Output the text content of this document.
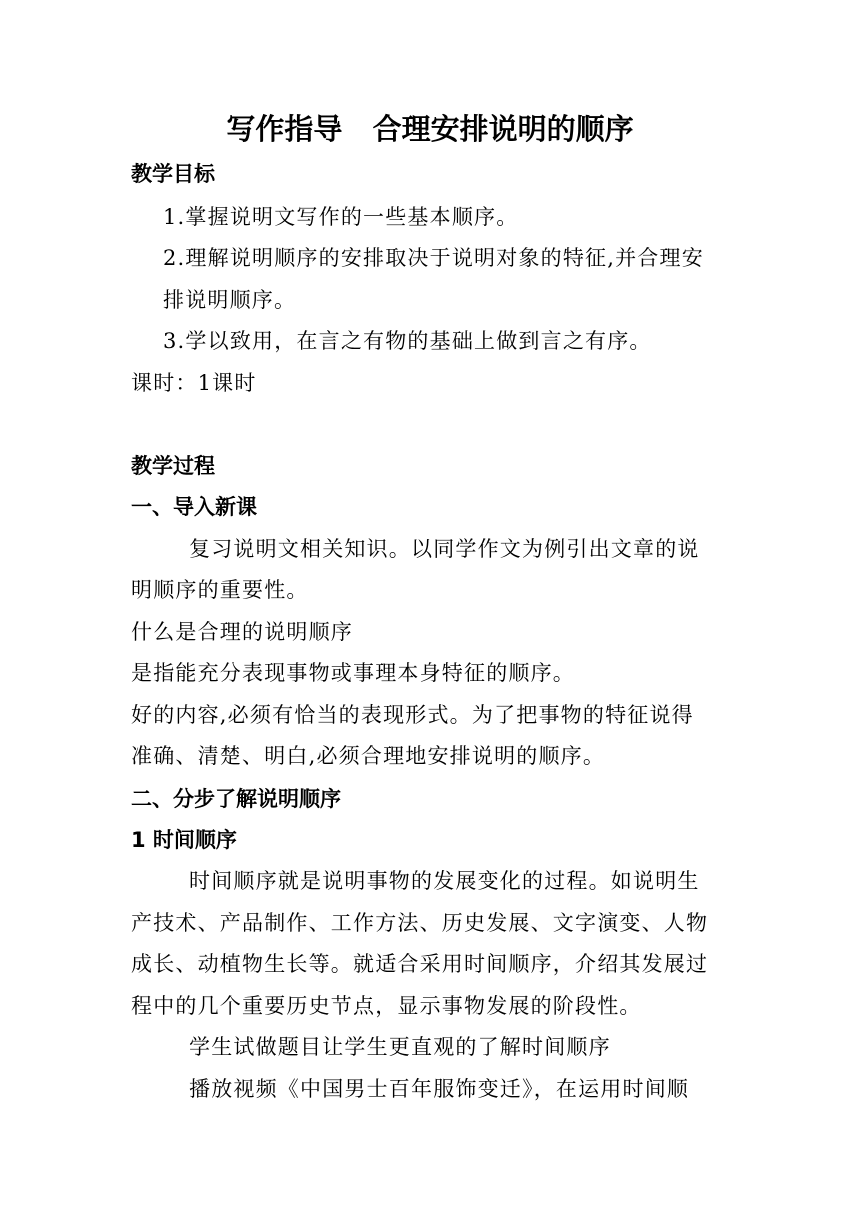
写作指导   合理安排说明的顺序
教学目标
1.掌握说明文写作的一些基本顺序。
2.理解说明顺序的安排取决于说明对象的特征,并合理安
排说明顺序。
3.学以致用，在言之有物的基础上做到言之有序。
课时：1课时
教学过程
一、导入新课
复习说明文相关知识。以同学作文为例引出文章的说
明顺序的重要性。
什么是合理的说明顺序
是指能充分表现事物或事理本身特征的顺序。
好的内容,必须有恰当的表现形式。为了把事物的特征说得
准确、清楚、明白,必须合理地安排说明的顺序。
二、分步了解说明顺序
1 时间顺序
时间顺序就是说明事物的发展变化的过程。如说明生
产技术、产品制作、工作方法、历史发展、文字演变、人物
成长、动植物生长等。就适合采用时间顺序，介绍其发展过
程中的几个重要历史节点，显示事物发展的阶段性。
学生试做题目让学生更直观的了解时间顺序
播放视频《中国男士百年服饰变迁》，在运用时间顺
